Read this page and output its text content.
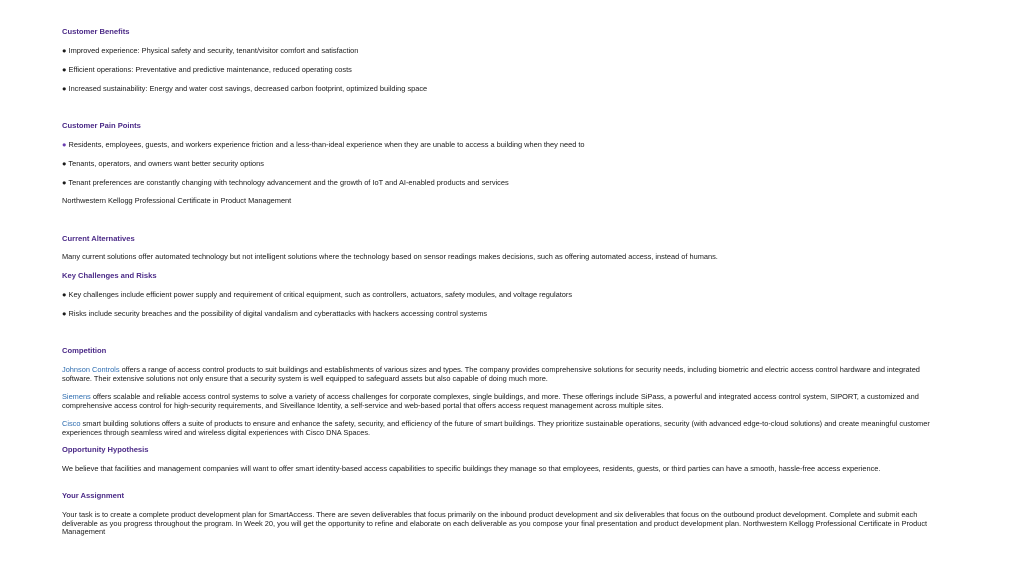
Customer Benefits
● Improved experience: Physical safety and security, tenant/visitor comfort and satisfaction
● Efficient operations: Preventative and predictive maintenance, reduced operating costs
● Increased sustainability: Energy and water cost savings, decreased carbon footprint, optimized building space
Customer Pain Points
● Residents, employees, guests, and workers experience friction and a less-than-ideal experience when they are unable to access a building when they need to
● Tenants, operators, and owners want better security options
● Tenant preferences are constantly changing with technology advancement and the growth of IoT and AI-enabled products and services
Northwestern Kellogg Professional Certificate in Product Management
Current Alternatives
Many current solutions offer automated technology but not intelligent solutions where the technology based on sensor readings makes decisions, such as offering automated access, instead of humans.
Key Challenges and Risks
● Key challenges include efficient power supply and requirement of critical equipment, such as controllers, actuators, safety modules, and voltage regulators
● Risks include security breaches and the possibility of digital vandalism and cyberattacks with hackers accessing control systems
Competition
Johnson Controls offers a range of access control products to suit buildings and establishments of various sizes and types. The company provides comprehensive solutions for security needs, including biometric and electric access control hardware and integrated software. Their extensive solutions not only ensure that a security system is well equipped to safeguard assets but also capable of doing much more.
Siemens offers scalable and reliable access control systems to solve a variety of access challenges for corporate complexes, single buildings, and more. These offerings include SiPass, a powerful and integrated access control system, SIPORT, a customized and comprehensive access control for high-security requirements, and Siveillance Identity, a self-service and web-based portal that offers access request management across multiple sites.
Cisco smart building solutions offers a suite of products to ensure and enhance the safety, security, and efficiency of the future of smart buildings. They prioritize sustainable operations, security (with advanced edge-to-cloud solutions) and create meaningful customer experiences through seamless wired and wireless digital experiences with Cisco DNA Spaces.
Opportunity Hypothesis
We believe that facilities and management companies will want to offer smart identity-based access capabilities to specific buildings they manage so that employees, residents, guests, or third parties can have a smooth, hassle-free access experience.
Your Assignment
Your task is to create a complete product development plan for SmartAccess. There are seven deliverables that focus primarily on the inbound product development and six deliverables that focus on the outbound product development. Complete and submit each deliverable as you progress throughout the program. In Week 20, you will get the opportunity to refine and elaborate on each deliverable as you compose your final presentation and product development plan. Northwestern Kellogg Professional Certificate in Product Management
